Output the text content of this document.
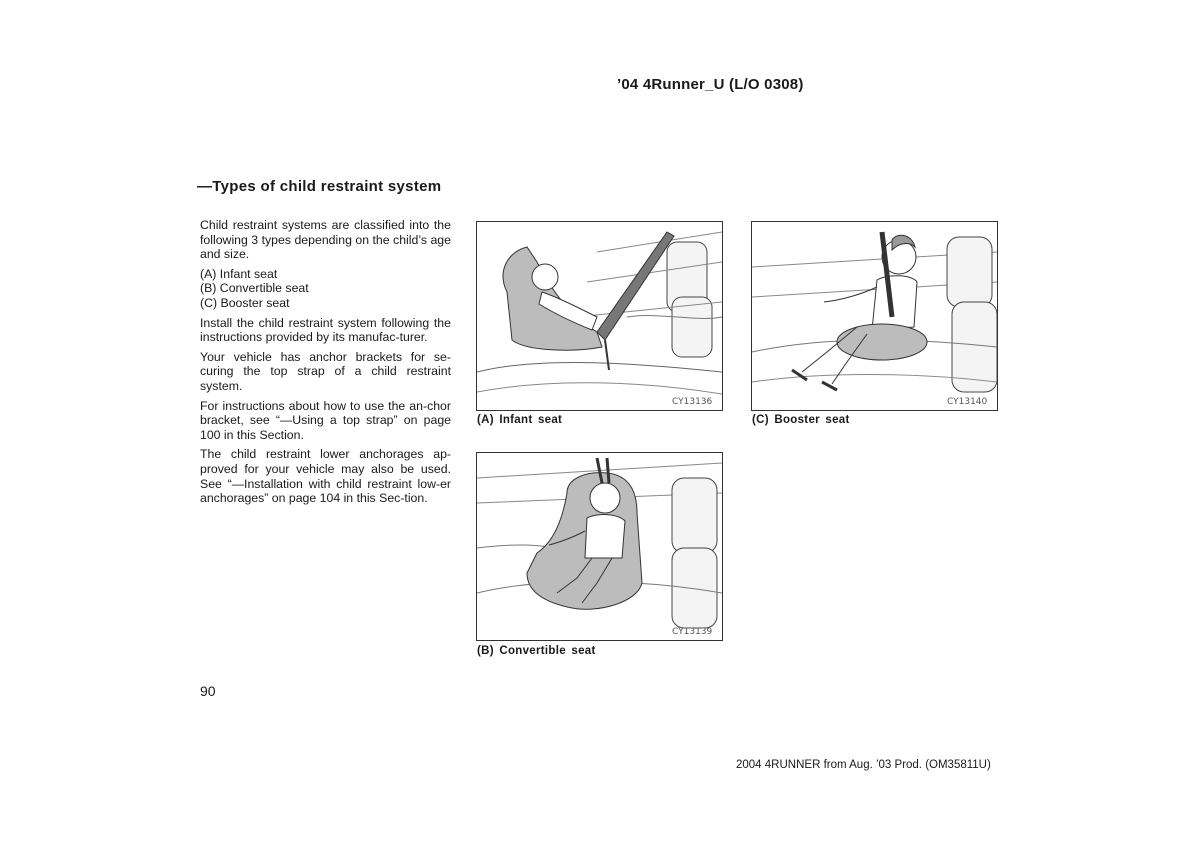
’04 4Runner_U (L/O 0308)
—Types of child restraint system

Child restraint systems are classified into the following 3 types depending on the child’s age and size.

(A) Infant seat
(B) Convertible seat
(C) Booster seat

Install the child restraint system following the instructions provided by its manufac-turer.

Your vehicle has anchor brackets for se-curing the top strap of a child restraint system.

For instructions about how to use the an-chor bracket, see “—Using a top strap” on page 100 in this Section.

The child restraint lower anchorages ap-proved for your vehicle may also be used. See “—Installation with child restraint low-er anchorages” on page 104 in this Sec-tion.

CY13136
(A) Infant seat
CY13140
(C) Booster seat
CY13139
(B) Convertible seat
90
2004 4RUNNER from Aug. ’03 Prod. (OM35811U)
